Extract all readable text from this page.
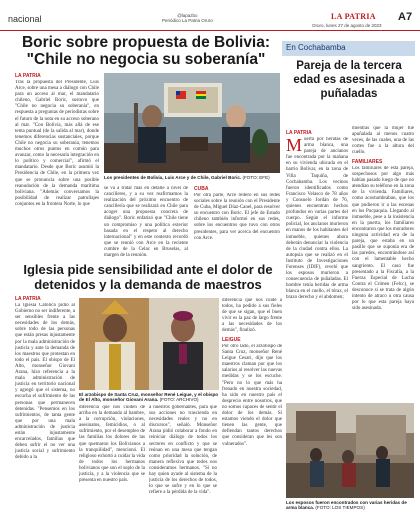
nacional	@lapazbo
Periódico La Patria Oruro	LA PATRIA
Oruro, lunes 27 de agosto de 2023
A7
Boric sobre propuesta de Bolivia: "Chile no negocia su soberanía"
LA PATRIA
Tras la propuesta del Presidente, Luis Arce, sobre una mesa a diálogo con Chile para un acceso al mar, el mandatario chileno, Gabriel Boric, sostuvo que "Chile no negocia su soberanía", en respuesta a preguntas de periodistas sobre el futuro de la nota en su acceso soberano al mar. "Con Bolivia, más allá de ese tema puntual (de la salida al mar), donde tenemos diferencias sustanciales, porque Chile no negocia su soberanía, tenemos muchos otros puntos en común para avanzar, como la necesaria integración en lo político y comercial", afirmó el mandatario. Desde que Boric asumió la Presidencia de Chile, en la primera vez que se pronuncia sobre una posible reanudación de la demanda marítima boliviana. "Además conversamos la posibilidad de realizar patrullajes conjuntos en la frontera Norte, lo que
Los presidentes de Bolivia, Luis Arce y de Chile, Gabriel Boric. (FOTO: EFE)
se va a tratar más en detalle a nivel de cancilleres, y a su vez reafirmamos la realización del próximo encuentro de cancillería que se realizará en Chile para acoger una propuesta concreta de diálogo". Boric enfatizó que "Chile tiene un compromiso y una política exterior basada en el respeto al derecho internacional" y en este contexto recordó que se reunió con Arce en la reciente cumbre de la Celac en Bruselas, al margen de la reunión.
CUBA
Por otra parte, Arce reiteró en sus redes sociales sobre la reunión con el Presidente de Cuba, Miguel Díaz-Canel, para resolver su encuentro con Boric. El jefe de Estado chileno también informó en sus redes, sobre los encuentros que tuvo con otros presidentes, para ver acerca del encuentro con Arce.
En Cochabamba
Pareja de la tercera edad es asesinada a puñaladas
LA PATRIA
Muerta por heridas de arma blanca, una pareja de ancianos fue encontrada por la mañana en su vivienda ubicada en el barrio Bolívar, en la zona de Villa Taquiña, de Cochabamba. Los vecinos fueron identificados como Francisco Velasco de 78 años y Consuelo Jordán de 76, quienes encuentran hechos profundos en varias partes del cuerpo. Según el informe policial, los ancianos murieron en manos de los habitantes del inmueble, quienes ahora deberán denunciar la violencia de la ciudad contra ellos. La autopsia que se realizó en el Instituto de Investigaciones Forenses (IDIF), reveló que los esposos murieron a consecuencia de puñaladas. El hombre tenía heridas de arma blanca en el cuello, el tórax, el brazo derecho y el abdomen;
mientras que la mujer fue apuñalada al menos cuatro veces, de las cuales, una de las cortes fue a la altura del cuello.
FAMILIARES
Los familiares de esta pareja, sospechosos por algo más habían pasado luego de que no atendían su teléfono en la zona de la vivienda. Familiares, como acostumbraban, que los que pudieron ir a las escenas en los Pucpaquia. Llegando al inmueble, pese a la insistencia en la puerta, los familiares encontraron que los moradores ninguna actividad era de la pareja, que estaba en un pasillo que se suponía era de las paredes, encontrándose así con el lamentable hecho sangriento. El caso fue presentado a la Fiscalía, a la Fuerza Especial de Lucha Contra el Crimen (Felcc), se desconoce si se trata de algún intento de atraco u otra causa por lo que esta pareja haya sido asesinada.
Los esposos fueron encontrados con varias heridas de arma blanca. (FOTO: LOS TIEMPOS)
Iglesia pide sensibilidad ante el dolor de detenidos y la demanda de maestros
LA PATRIA
La Iglesia Católica pidió al Gobierno no ser indiferente, a ser sensibles frente a las necesidades de los demás, sobre todo de las personas que están presas injustamente por la mala administración de justicia y ante la demanda de los maestros que protestan en todo el país. El obispo de El Alto, monseñor Giovani Arana, hizo referencia a la mala administración de justicia en territorio nacional y agregó que el sistema, no escucha el sufrimiento de las personas que permanecen detenidas. "Pensemos en los sufrimientos, de tanta gente que por una mala administración de justicia están injustamente encarcelados, familias que deben sufrir el no ver una justicia social y sufrimiento debido a la
El arzobispo de Santa Cruz, monseñor René Leigue, y el obispo de El Alto, monseñor Giovani Arana. (FOTO: ARCHIVO)
diferencia que nos cuiden de arriba en la demanda al hambre, a la corrupción, violaciones, asesinatos, femicidios, o al sufrimiento, por el desempleo de las familias los dolores de las que quemaron los Bolivianos a la tranquilidad", mencionó. El religioso exhortó a cuidar la vida de todos los hermanos bolivianos que son el soplo de la justicia, y a la violencia que se presenta en nuestro país.
diferencia que nos cuide a todos, ha pedido a sus fieles de que se sigan, que el buen vivir es la paz de largo frente a las necesidades de los demás", finalizó.
LEIGUE
Por otro lado, el arzobispo de Santa Cruz, monseñor René Leigue Cesari, dijo que los maestros claman por que los salarios al resolver las nuevas medidas y se los escuche. "Pero no lo que más ha frenado en nuestra sociedad, ha sido en nuestro país el desprecio entre nosotros, que no somos capaces de sentir el dolor de los demás. Si estamos viendo el dolor que tienen las gente, que defiendan tantos derechos que consideran que les son vulnerados".
a nuestros gobernantes, para que sus acciones no trascienda en necesidades reales y no en discursos", señaló. Monseñor Arana pidió colaborar a fondo en reiniciar diálogo de todos los sectores en conflicto y que se reúnan en una mesa que tengan como prioridad la solución, de manera reflexiva que todos nos consideramos hermanos. "Si no hay quien ayude al sistema de la justicia de los derechos de todos, lo que se sufre y en lo que se refiere a la pérdida de la vida".
